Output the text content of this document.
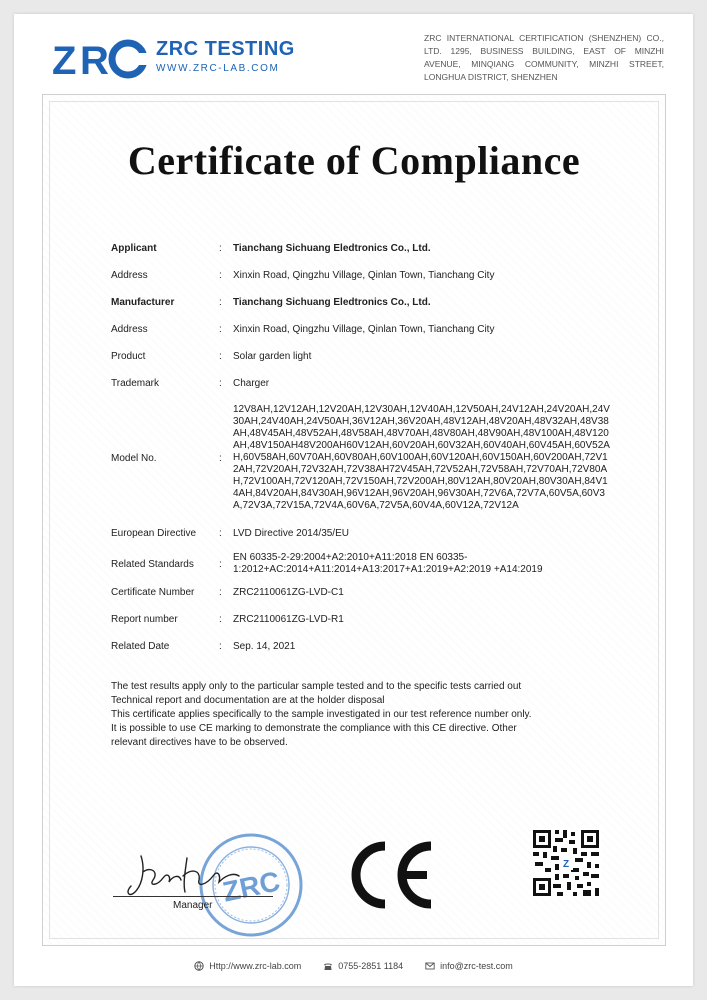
Z R ZRC TESTING
WWW.ZRC-LAB.COM
ZRC INTERNATIONAL CERTIFICATION (SHENZHEN) CO., LTD. 1295, BUSINESS BUILDING, EAST OF MINZHI AVENUE, MINQIANG COMMUNITY, MINZHI STREET, LONGHUA DISTRICT, SHENZHEN
Certificate of Compliance
Applicant	:	Tianchang Sichuang Eledtronics Co., Ltd.
Address	:	Xinxin Road, Qingzhu Village, Qinlan Town, Tianchang City
Manufacturer	:	Tianchang Sichuang Eledtronics Co., Ltd.
Address	:	Xinxin Road, Qingzhu Village, Qinlan Town, Tianchang City
Product	:	Solar garden light
Trademark	:	Charger
Model No.	:
12V8AH,12V12AH,12V20AH,12V30AH,12V40AH,12V50AH,24V12AH,24V20AH,24V30AH,24V40AH,24V50AH,36V12AH,36V20AH,48V12AH,48V20AH,48V32AH,48V38AH,48V45AH,48V52AH,48V58AH,48V70AH,48V80AH,48V90AH,48V100AH,48V120AH,48V150AH48V200AH60V12AH,60V20AH,60V32AH,60V40AH,60V45AH,60V52AH,60V58AH,60V70AH,60V80AH,60V100AH,60V120AH,60V150AH,60V200AH,72V12AH,72V20AH,72V32AH,72V38AH72V45AH,72V52AH,72V58AH,72V70AH,72V80AH,72V100AH,72V120AH,72V150AH,72V200AH,80V12AH,80V20AH,80V30AH,84V14AH,84V20AH,84V30AH,96V12AH,96V20AH,96V30AH,72V6A,72V7A,60V5A,60V3A,72V3A,72V15A,72V4A,60V6A,72V5A,60V4A,60V12A,72V12A
European Directive	:	LVD Directive 2014/35/EU
Related Standards	:
EN 60335-2-29:2004+A2:2010+A11:2018 EN 60335-1:2012+AC:2014+A11:2014+A13:2017+A1:2019+A2:2019 +A14:2019
Certificate Number	:	ZRC2110061ZG-LVD-C1
Report number	:	ZRC2110061ZG-LVD-R1
Related Date	:	Sep. 14, 2021

The test results apply only to the particular sample tested and to the specific tests carried out

Technical report and documentation are at the holder disposal

This certificate applies specifically to the sample investigated in our test reference number only.

It is possible to use CE marking to demonstrate the compliance with this CE directive. Other

relevant directives have to be observed.

ZRC
Manager
Z
Http://www.zrc-lab.com	0755-2851 1184	info@zrc-test.com
